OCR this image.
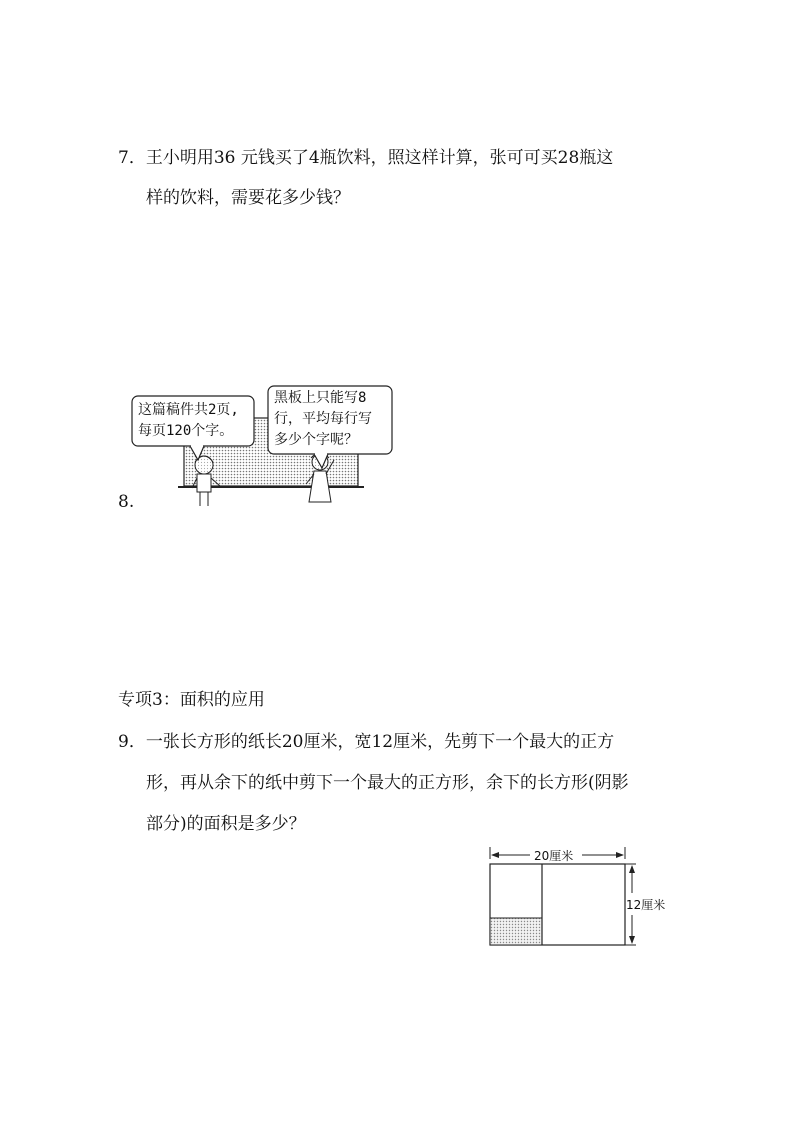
7．王小明用36 元钱买了4瓶饮料，照这样计算，张可可买28瓶这
样的饮料，需要花多少钱？
8.
这篇稿件共2页,
每页120个字。
黑板上只能写8
行，平均每行写
多少个字呢？
专项3：面积的应用
9．一张长方形的纸长20厘米，宽12厘米，先剪下一个最大的正方
形，再从余下的纸中剪下一个最大的正方形，余下的长方形(阴影
部分)的面积是多少？
20厘米
12厘米
